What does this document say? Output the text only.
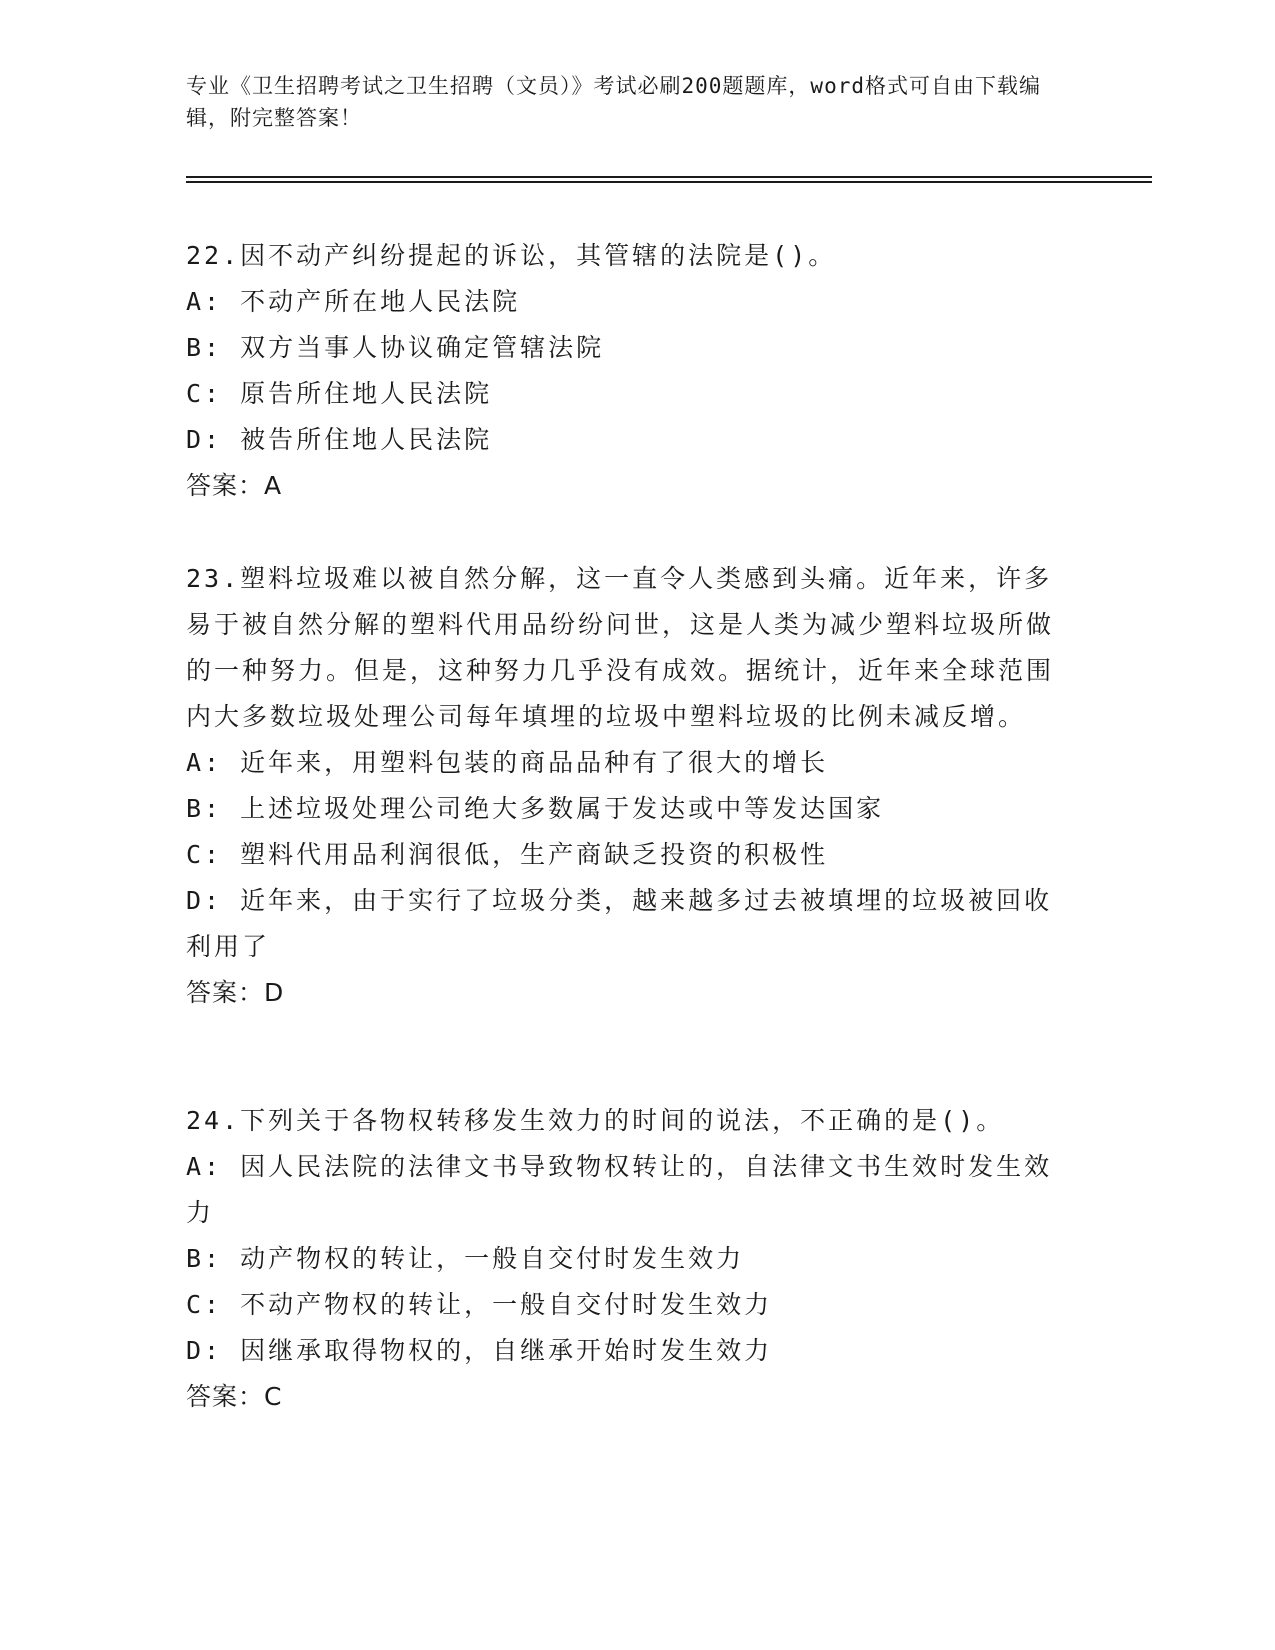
专业《卫生招聘考试之卫生招聘（文员）》考试必刷200题题库，word格式可自由下载编辑，附完整答案！

22.因不动产纠纷提起的诉讼，其管辖的法院是()。

A: 不动产所在地人民法院

B: 双方当事人协议确定管辖法院

C: 原告所住地人民法院

D: 被告所住地人民法院

答案：A

23.塑料垃圾难以被自然分解，这一直令人类感到头痛。近年来，许多易于被自然分解的塑料代用品纷纷问世，这是人类为减少塑料垃圾所做的一种努力。但是，这种努力几乎没有成效。据统计，近年来全球范围内大多数垃圾处理公司每年填埋的垃圾中塑料垃圾的比例未减反增。

A: 近年来，用塑料包装的商品品种有了很大的增长

B: 上述垃圾处理公司绝大多数属于发达或中等发达国家

C: 塑料代用品利润很低，生产商缺乏投资的积极性

D: 近年来，由于实行了垃圾分类，越来越多过去被填埋的垃圾被回收利用了

答案：D

24.下列关于各物权转移发生效力的时间的说法，不正确的是()。

A: 因人民法院的法律文书导致物权转让的，自法律文书生效时发生效力

B: 动产物权的转让，一般自交付时发生效力

C: 不动产物权的转让，一般自交付时发生效力

D: 因继承取得物权的，自继承开始时发生效力

答案：C
